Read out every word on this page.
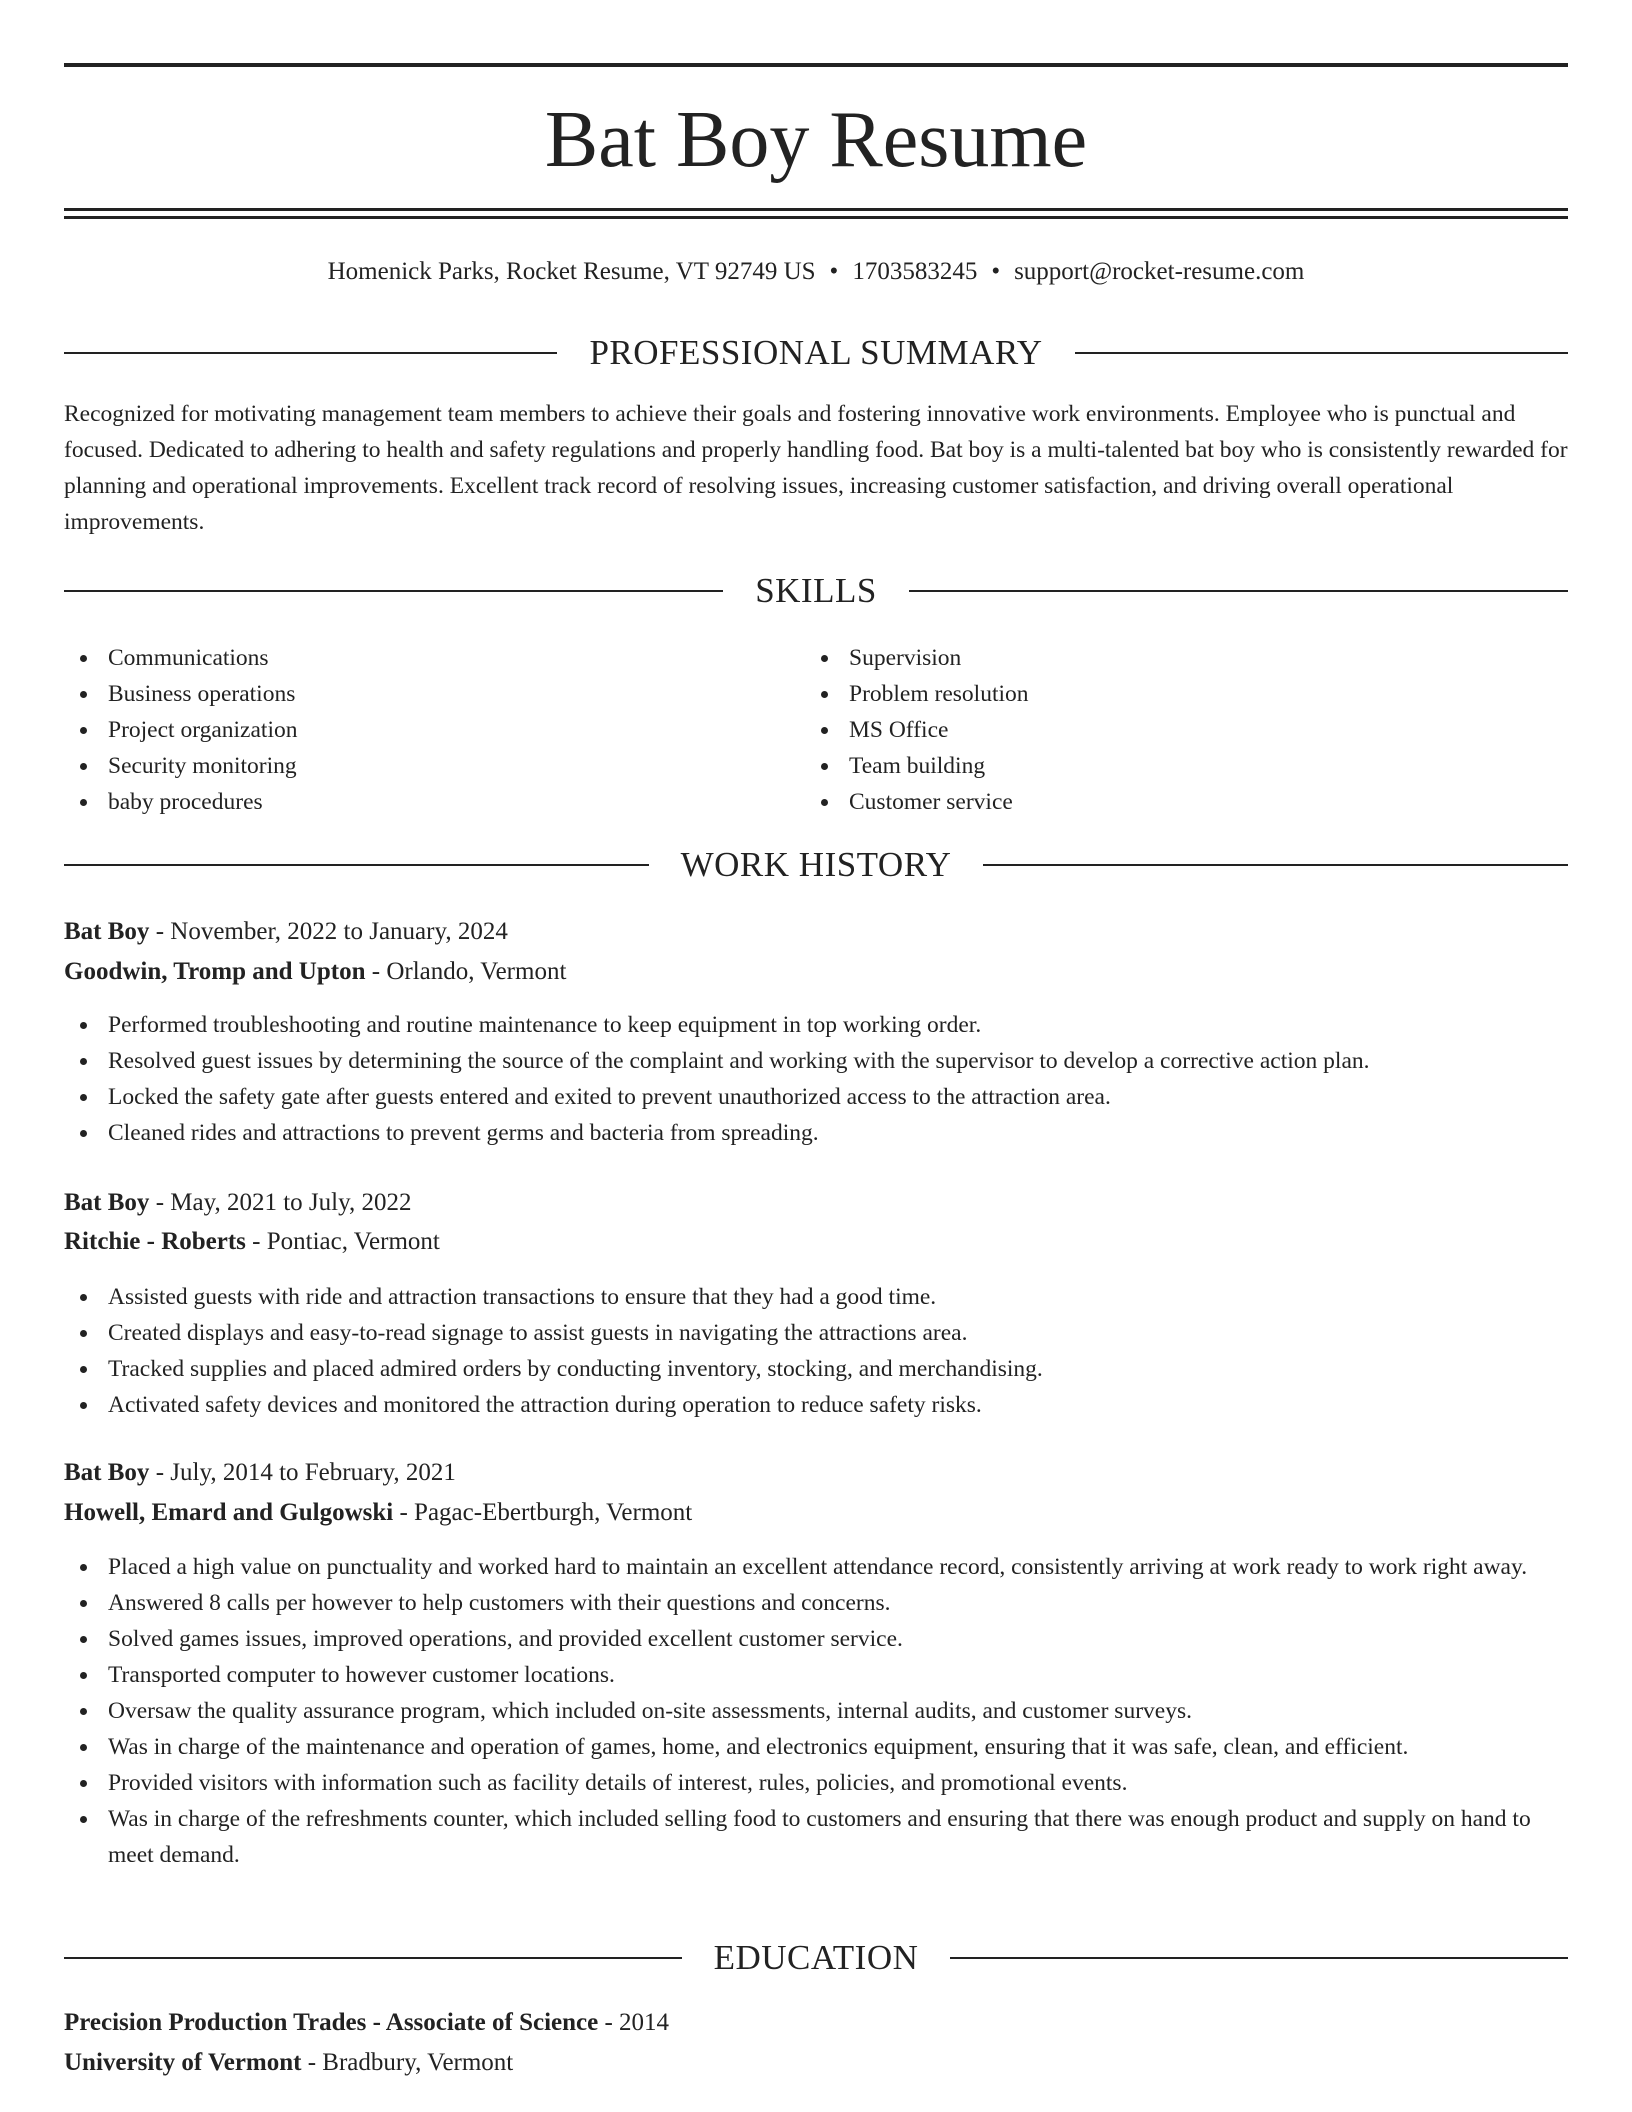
Bat Boy Resume
Homenick Parks, Rocket Resume, VT 92749 US • 1703583245 • support@rocket-resume.com
PROFESSIONAL SUMMARY

Recognized for motivating management team members to achieve their goals and fostering innovative work environments. Employee who is punctual and focused. Dedicated to adhering to health and safety regulations and properly handling food. Bat boy is a multi-talented bat boy who is consistently rewarded for planning and operational improvements. Excellent track record of resolving issues, increasing customer satisfaction, and driving overall operational improvements.

SKILLS
Communications
Business operations
Project organization
Security monitoring
baby procedures
Supervision
Problem resolution
MS Office
Team building
Customer service
WORK HISTORY
Bat Boy - November, 2022 to January, 2024
Goodwin, Tromp and Upton - Orlando, Vermont
Performed troubleshooting and routine maintenance to keep equipment in top working order.
Resolved guest issues by determining the source of the complaint and working with the supervisor to develop a corrective action plan.
Locked the safety gate after guests entered and exited to prevent unauthorized access to the attraction area.
Cleaned rides and attractions to prevent germs and bacteria from spreading.
Bat Boy - May, 2021 to July, 2022
Ritchie - Roberts - Pontiac, Vermont
Assisted guests with ride and attraction transactions to ensure that they had a good time.
Created displays and easy-to-read signage to assist guests in navigating the attractions area.
Tracked supplies and placed admired orders by conducting inventory, stocking, and merchandising.
Activated safety devices and monitored the attraction during operation to reduce safety risks.
Bat Boy - July, 2014 to February, 2021
Howell, Emard and Gulgowski - Pagac-Ebertburgh, Vermont
Placed a high value on punctuality and worked hard to maintain an excellent attendance record, consistently arriving at work ready to work right away.
Answered 8 calls per however to help customers with their questions and concerns.
Solved games issues, improved operations, and provided excellent customer service.
Transported computer to however customer locations.
Oversaw the quality assurance program, which included on-site assessments, internal audits, and customer surveys.
Was in charge of the maintenance and operation of games, home, and electronics equipment, ensuring that it was safe, clean, and efficient.
Provided visitors with information such as facility details of interest, rules, policies, and promotional events.
Was in charge of the refreshments counter, which included selling food to customers and ensuring that there was enough product and supply on hand to meet demand.
EDUCATION
Precision Production Trades - Associate of Science - 2014
University of Vermont - Bradbury, Vermont
